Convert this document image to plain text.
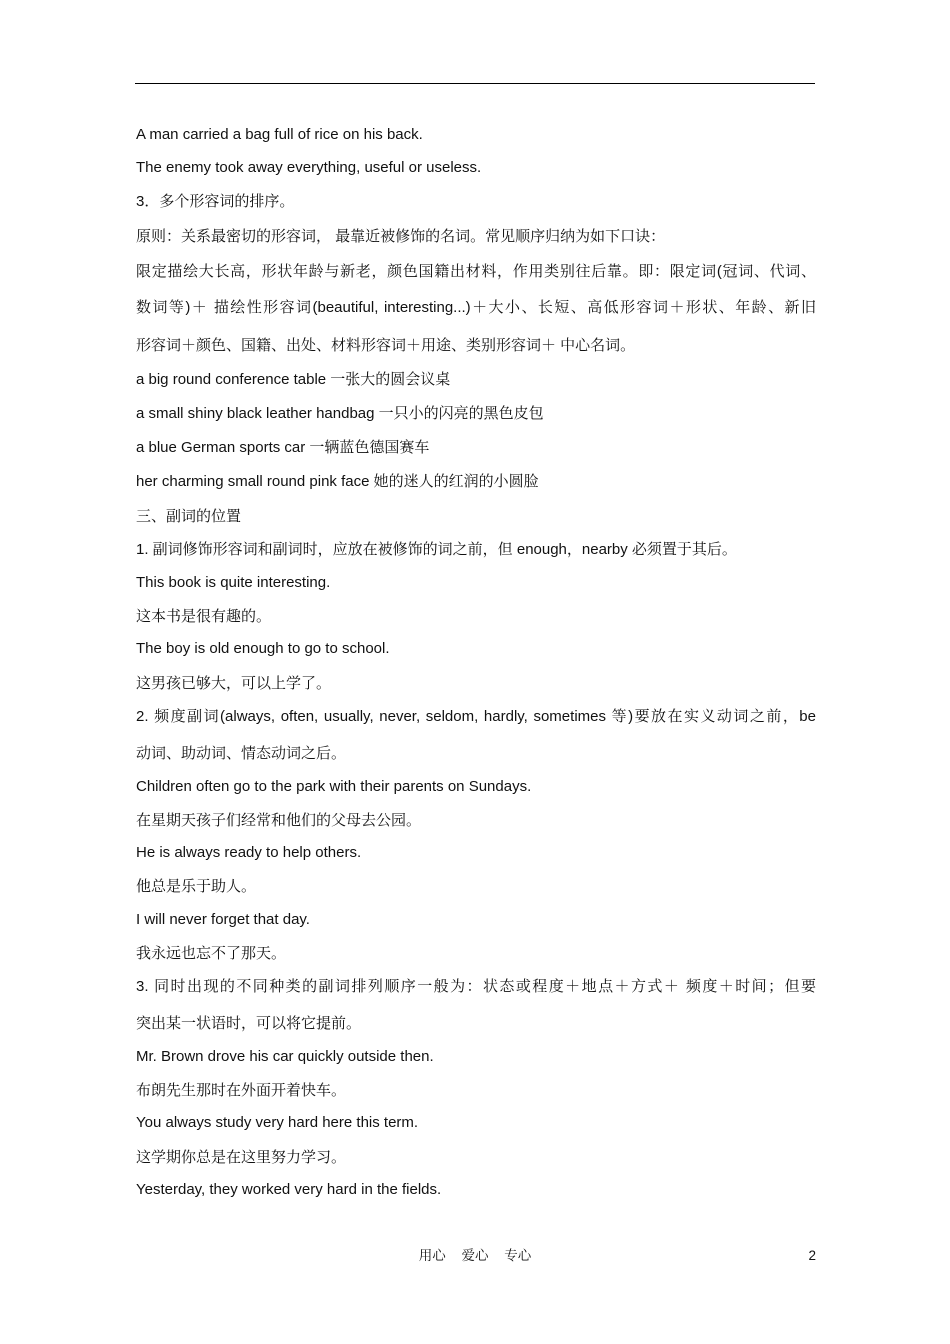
A man carried a bag full of rice on his back.
The enemy took away everything, useful or useless.
3．多个形容词的排序。
原则：关系最密切的形容词， 最靠近被修饰的名词。常见顺序归纳为如下口诀：
限定描绘大长高，形状年龄与新老，颜色国籍出材料，作用类别往后靠。即：限定词(冠词、代词、
数词等)＋ 描绘性形容词(beautiful, interesting...)＋大小、长短、高低形容词＋形状、年龄、新旧
形容词＋颜色、国籍、出处、材料形容词＋用途、类别形容词＋ 中心名词。
a big round conference table 一张大的圆会议桌
a small shiny black leather handbag 一只小的闪亮的黑色皮包
a blue German sports car 一辆蓝色德国赛车
her charming small round pink face 她的迷人的红润的小圆脸
三、副词的位置
1. 副词修饰形容词和副词时，应放在被修饰的词之前，但 enough，nearby 必须置于其后。
This book is quite interesting.
这本书是很有趣的。
The boy is old enough to go to school.
这男孩已够大，可以上学了。
2. 频度副词(always, often, usually, never, seldom, hardly, sometimes 等)要放在实义动词之前，be
动词、助动词、情态动词之后。
Children often go to the park with their parents on Sundays.
在星期天孩子们经常和他们的父母去公园。
He is always ready to help others.
他总是乐于助人。
I will never forget that day.
我永远也忘不了那天。
3. 同时出现的不同种类的副词排列顺序一般为：状态或程度＋地点＋方式＋ 频度＋时间；但要
突出某一状语时，可以将它提前。
Mr. Brown drove his car quickly outside then.
布朗先生那时在外面开着快车。
You always study very hard here this term.
这学期你总是在这里努力学习。
Yesterday, they worked very hard in the fields.
用心 爱心 专心	2
